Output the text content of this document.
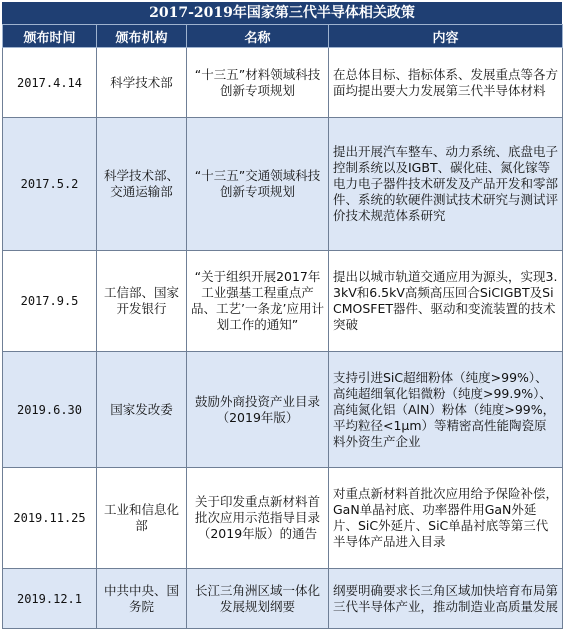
2017-2019年国家第三代半导体相关政策
颁布时间	颁布机构	名称	内容
2017.4.14	科学技术部	“十三五”材料领域科技创新专项规划	在总体目标、指标体系、发展重点等各方面均提出要大力发展第三代半导体材料
2017.5.2	科学技术部、交通运输部	“十三五”交通领域科技创新专项规划	提出开展汽车整车、动力系统、底盘电子控制系统以及IGBT、碳化硅、氮化镓等电力电子器件技术研发及产品开发和零部件、系统的软硬件测试技术研究与测试评价技术规范体系研究
2017.9.5	工信部、国家开发银行	“关于组织开展2017年工业强基工程重点产品、工艺’一条龙’应用计划工作的通知”	提出以城市轨道交通应用为源头，实现3.3kV和6.5kV高频高压回合SiCIGBT及SiCMOSFET器件、驱动和变流装置的技术突破
2019.6.30	国家发改委	鼓励外商投资产业目录（2019年版）	支持引进SiC超细粉体（纯度>99%）、高纯超细氧化铝微粉（纯度>99.9%）、高纯氮化铝（AlN）粉体（纯度>99%，平均粒径<1μm）等精密高性能陶瓷原料外资生产企业
2019.11.25	工业和信息化部	关于印发重点新材料首批次应用示范指导目录（2019年版）的通告	对重点新材料首批次应用给予保险补偿，GaN单晶衬底、功率器件用GaN外延片、SiC外延片、SiC单晶衬底等第三代半导体产品进入目录
2019.12.1	中共中央、国务院	长江三角洲区域一体化发展规划纲要	纲要明确要求长三角区域加快培育布局第三代半导体产业，推动制造业高质量发展
